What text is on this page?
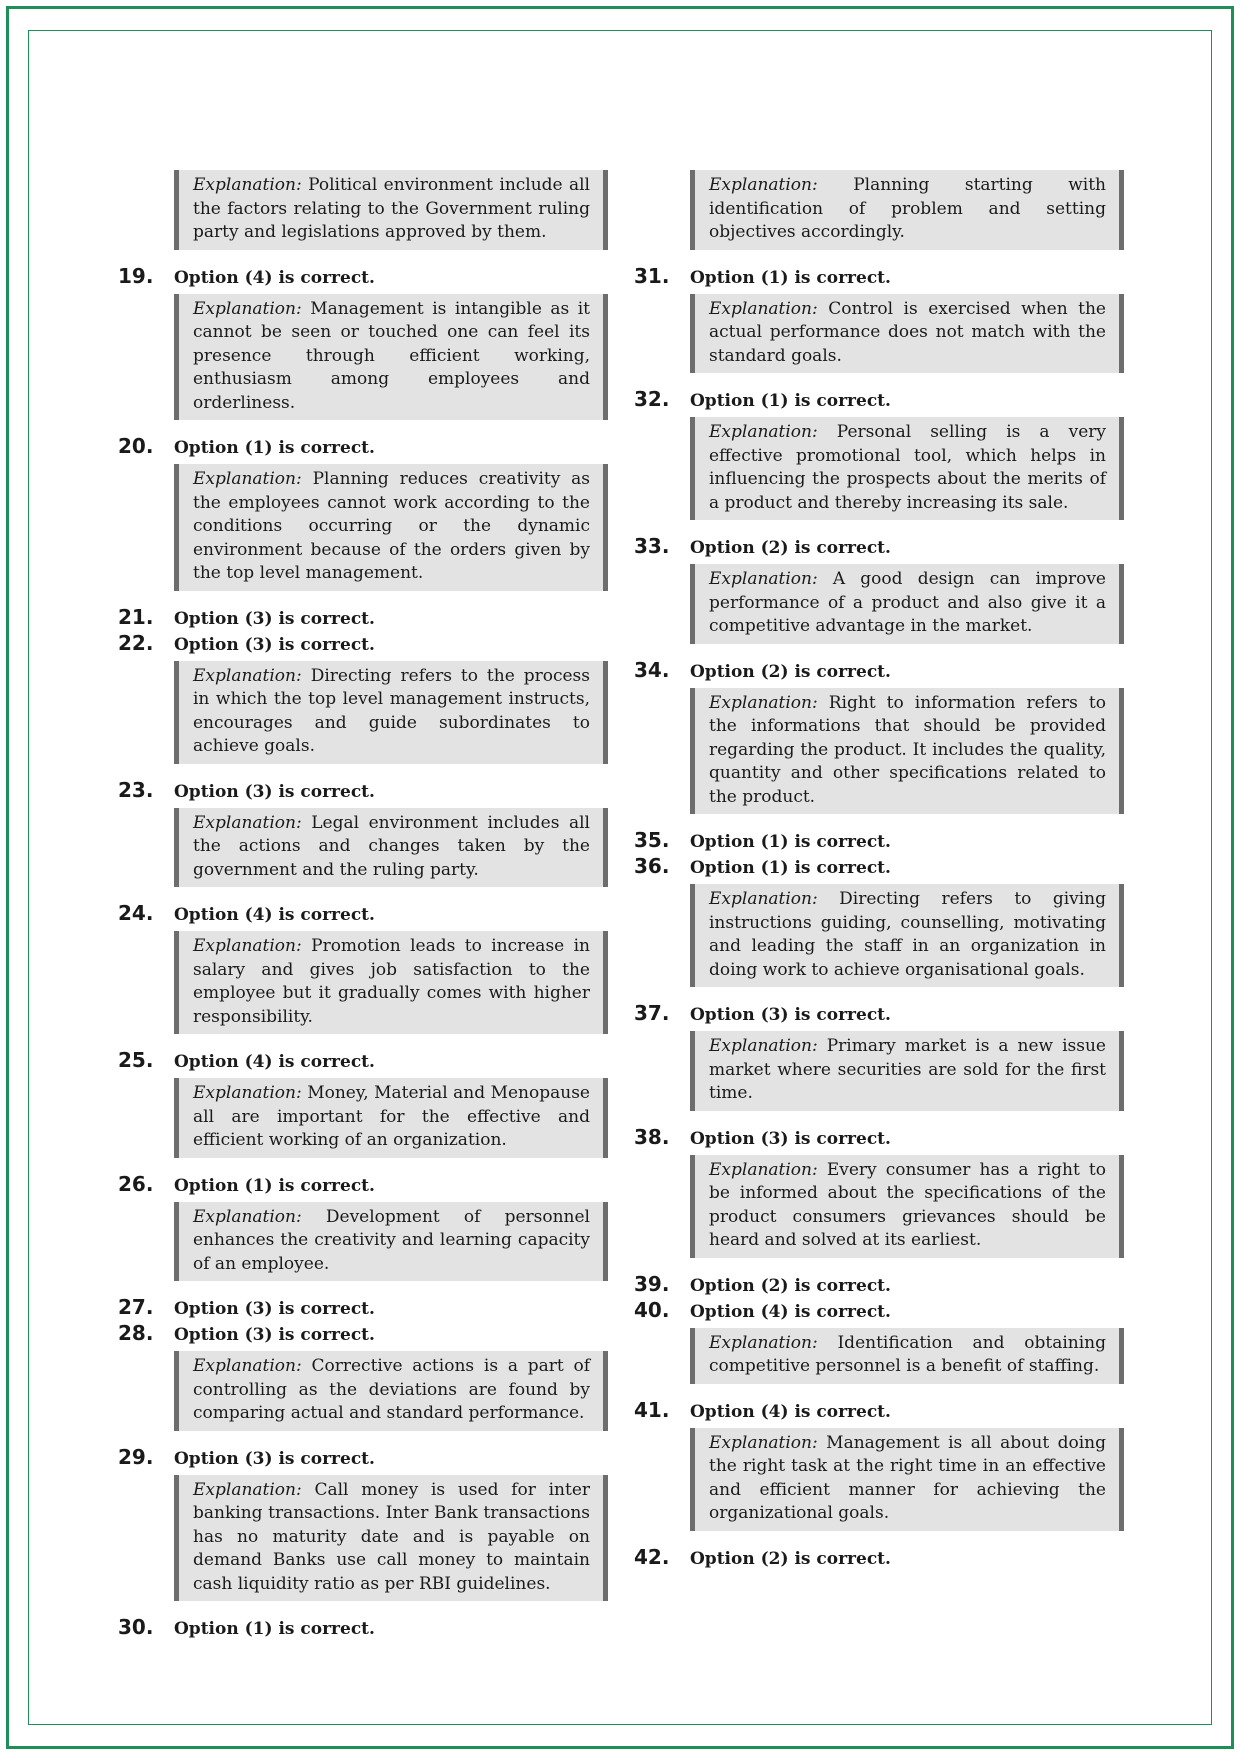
Explanation: Political environment include all the factors relating to the Government ruling party and legislations approved by them.
19.	Option (4) is correct.
Explanation: Management is intangible as it cannot be seen or touched one can feel its presence through efficient working, enthusiasm among employees and orderliness.
20.	Option (1) is correct.
Explanation: Planning reduces creativity as the employees cannot work according to the conditions occurring or the dynamic environment because of the orders given by the top level management.
21.	Option (3) is correct.
22.	Option (3) is correct.
Explanation: Directing refers to the process in which the top level management instructs, encourages and guide subordinates to achieve goals.
23.	Option (3) is correct.
Explanation: Legal environment includes all the actions and changes taken by the government and the ruling party.
24.	Option (4) is correct.
Explanation: Promotion leads to increase in salary and gives job satisfaction to the employee but it gradually comes with higher responsibility.
25.	Option (4) is correct.
Explanation: Money, Material and Menopause all are important for the effective and efficient working of an organization.
26.	Option (1) is correct.
Explanation: Development of personnel enhances the creativity and learning capacity of an employee.
27.	Option (3) is correct.
28.	Option (3) is correct.
Explanation: Corrective actions is a part of controlling as the deviations are found by comparing actual and standard performance.
29.	Option (3) is correct.
Explanation: Call money is used for inter banking transactions. Inter Bank transactions has no maturity date and is payable on demand Banks use call money to maintain cash liquidity ratio as per RBI guidelines.
30.	Option (1) is correct.
Explanation: Planning starting with identification of problem and setting objectives accordingly.
31.	Option (1) is correct.
Explanation: Control is exercised when the actual performance does not match with the standard goals.
32.	Option (1) is correct.
Explanation: Personal selling is a very effective promotional tool, which helps in influencing the prospects about the merits of a product and thereby increasing its sale.
33.	Option (2) is correct.
Explanation: A good design can improve performance of a product and also give it a competitive advantage in the market.
34.	Option (2) is correct.
Explanation: Right to information refers to the informations that should be provided regarding the product. It includes the quality, quantity and other specifications related to the product.
35.	Option (1) is correct.
36.	Option (1) is correct.
Explanation: Directing refers to giving instructions guiding, counselling, motivating and leading the staff in an organization in doing work to achieve organisational goals.
37.	Option (3) is correct.
Explanation: Primary market is a new issue market where securities are sold for the first time.
38.	Option (3) is correct.
Explanation: Every consumer has a right to be informed about the specifications of the product consumers grievances should be heard and solved at its earliest.
39.	Option (2) is correct.
40.	Option (4) is correct.
Explanation: Identification and obtaining competitive personnel is a benefit of staffing.
41.	Option (4) is correct.
Explanation: Management is all about doing the right task at the right time in an effective and efficient manner for achieving the organizational goals.
42.	Option (2) is correct.
